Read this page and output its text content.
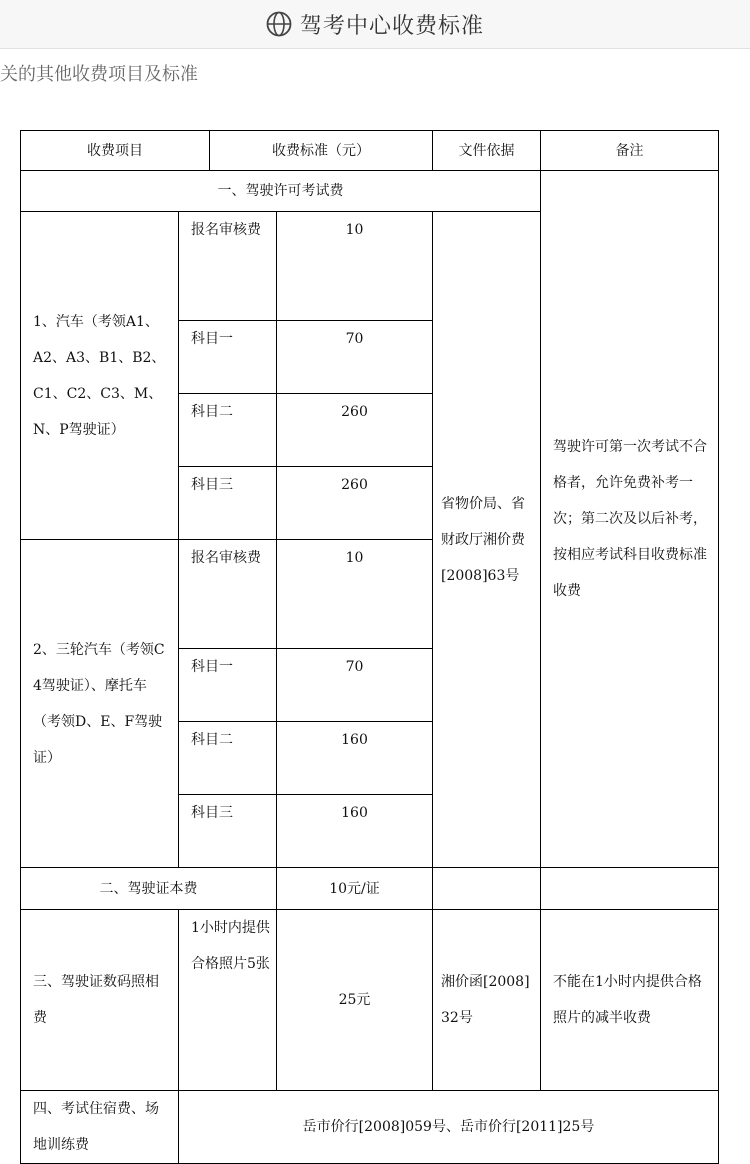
驾考中心收费标准
关的其他收费项目及标准
收费项目		收费标准（元）		文件依据	备注
一、驾驶许可考试费					驾驶许可第一次考试不合格者，允许免费补考一次；第二次及以后补考，按相应考试科目收费标准收费
1、汽车（考领A1、A2、A3、B1、B2、C1、C2、C3、M、N、P驾驶证）	报名审核费		10	省物价局、省财政厅湘价费[2008]63号	
	科目一		70		
	科目二		260		
	科目三		260		
2、三轮汽车（考领C4驾驶证）、摩托车（考领D、E、F驾驶证）	报名审核费		10		
	科目一		70		
	科目二		160		
	科目三		160		
二、驾驶证本费			10元/证		
三、驾驶证数码照相费	1小时内提供合格照片5张		25元	湘价函[2008]32号	不能在1小时内提供合格照片的减半收费
四、考试住宿费、场地训练费	岳市价行[2008]059号、岳市价行[2011]25号				
